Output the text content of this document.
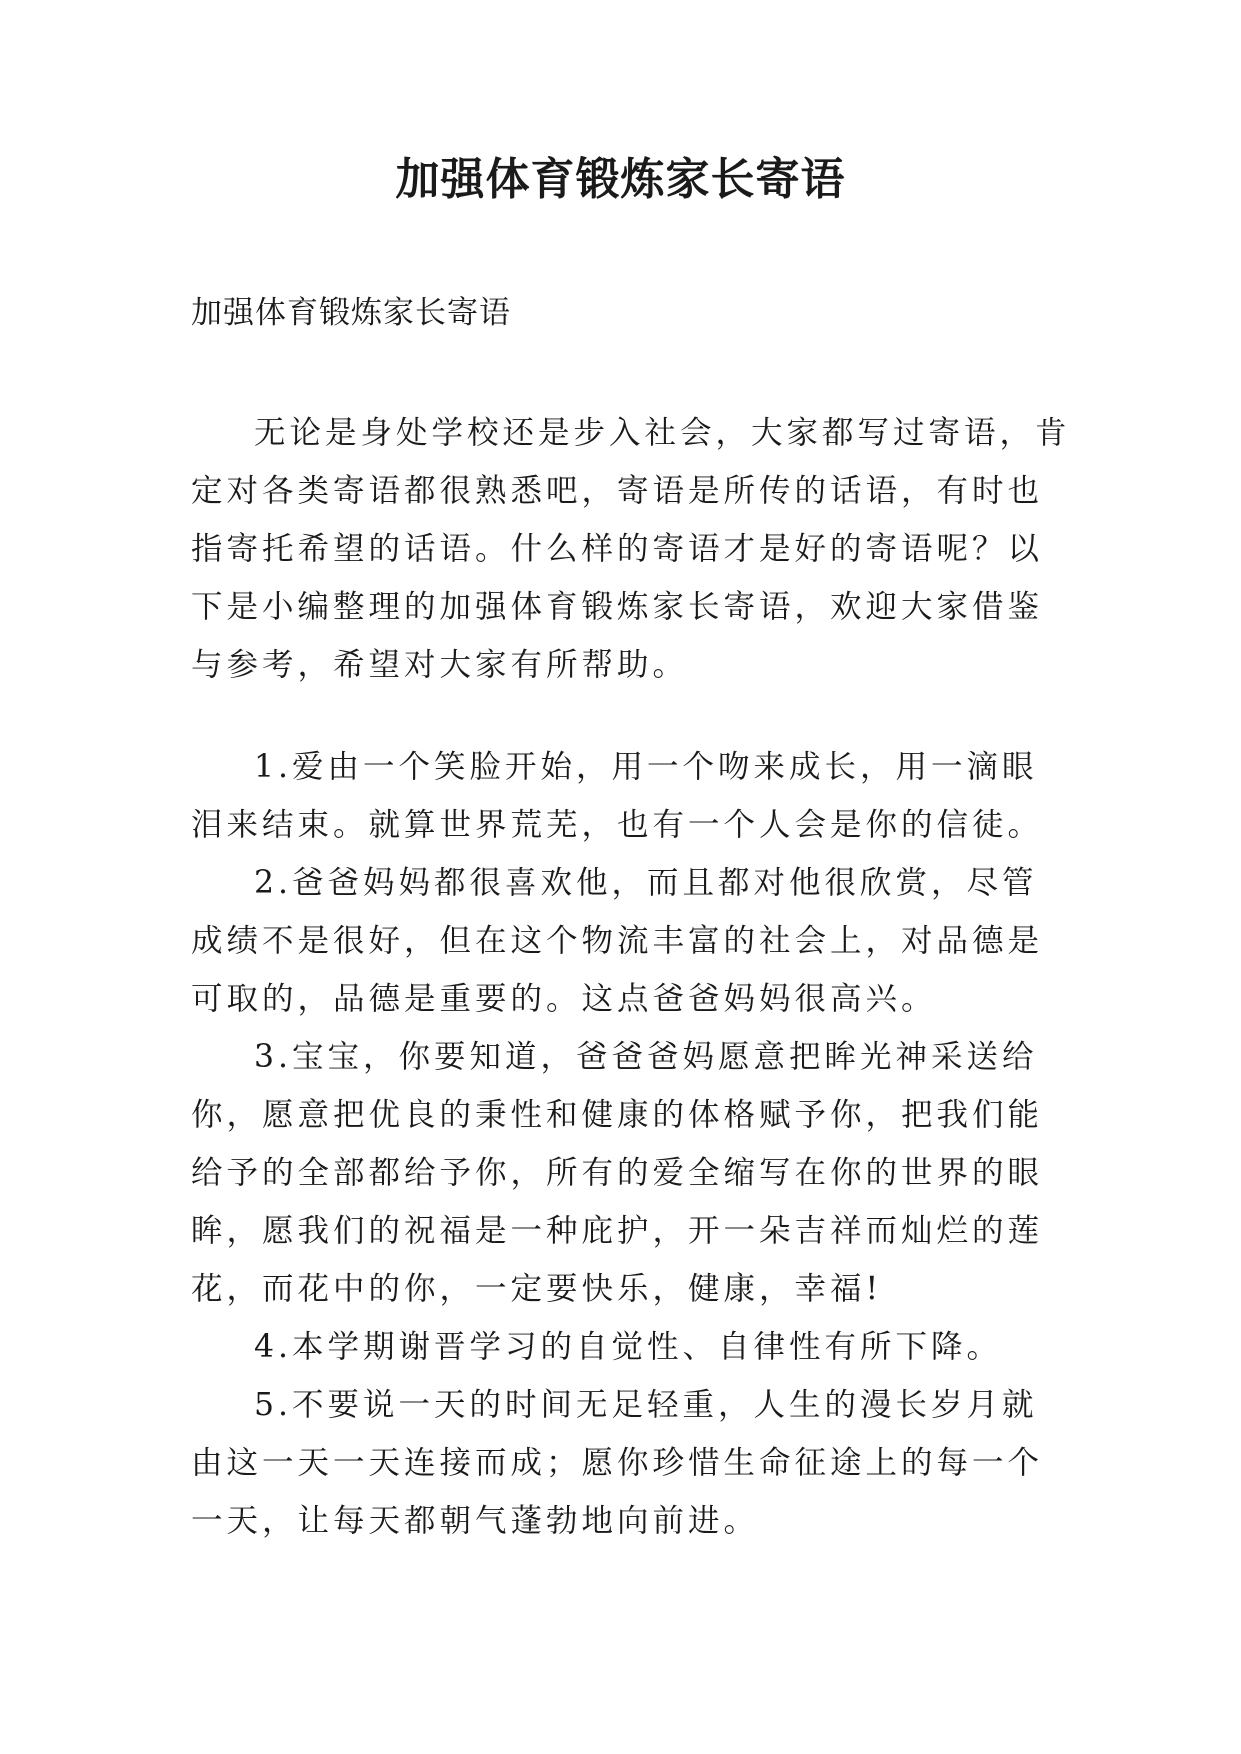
加强体育锻炼家长寄语

加强体育锻炼家长寄语

无论是身处学校还是步入社会，大家都写过寄语，肯定对各类寄语都很熟悉吧，寄语是所传的话语，有时也指寄托希望的话语。什么样的寄语才是好的寄语呢？以下是小编整理的加强体育锻炼家长寄语，欢迎大家借鉴与参考，希望对大家有所帮助。

1.爱由一个笑脸开始，用一个吻来成长，用一滴眼泪来结束。就算世界荒芜，也有一个人会是你的信徒。

2.爸爸妈妈都很喜欢他，而且都对他很欣赏，尽管成绩不是很好，但在这个物流丰富的社会上，对品德是可取的，品德是重要的。这点爸爸妈妈很高兴。

3.宝宝，你要知道，爸爸爸妈愿意把眸光神采送给你，愿意把优良的秉性和健康的体格赋予你，把我们能给予的全部都给予你，所有的爱全缩写在你的世界的眼眸，愿我们的祝福是一种庇护，开一朵吉祥而灿烂的莲花，而花中的你，一定要快乐，健康，幸福!

4.本学期谢晋学习的自觉性、自律性有所下降。

5.不要说一天的时间无足轻重，人生的漫长岁月就由这一天一天连接而成；愿你珍惜生命征途上的每一个一天，让每天都朝气蓬勃地向前进。
